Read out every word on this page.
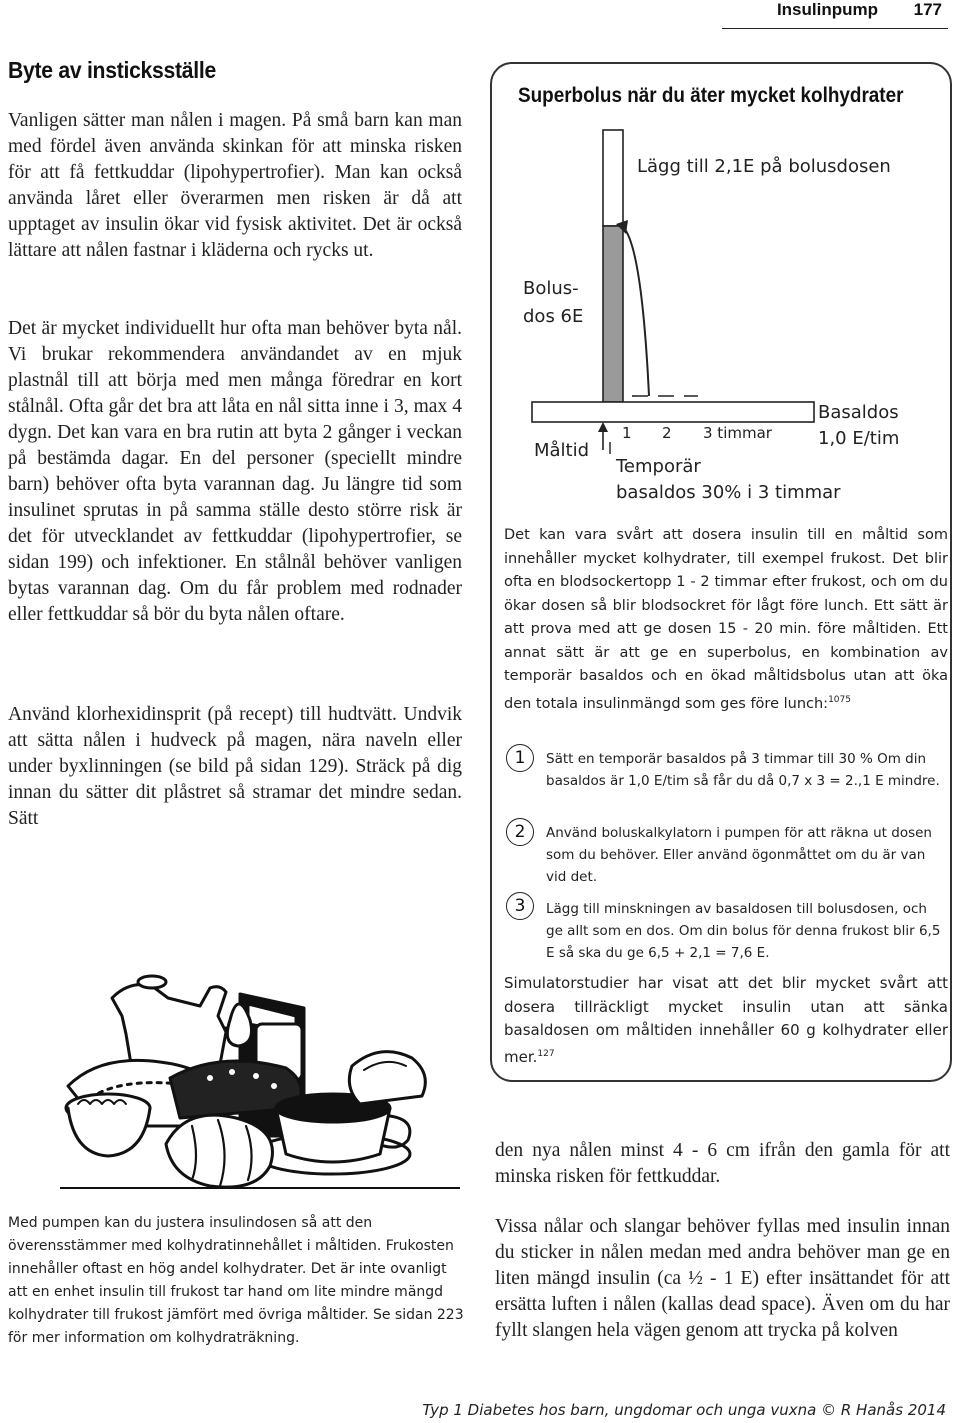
Insulinpump 177
Byte av insticksställe

Vanligen sätter man nålen i magen. På små barn kan man med fördel även använda skinkan för att minska risken för att få fettkuddar (lipohypertrofier). Man kan också använda låret eller överarmen men risken är då att upptaget av insulin ökar vid fysisk aktivitet. Det är också lättare att nålen fastnar i kläderna och rycks ut.

Det är mycket individuellt hur ofta man behöver byta nål. Vi brukar rekommendera användandet av en mjuk plastnål till att börja med men många föredrar en kort stålnål. Ofta går det bra att låta en nål sitta inne i 3, max 4 dygn. Det kan vara en bra rutin att byta 2 gånger i veckan på bestämda dagar. En del personer (speciellt mindre barn) behöver ofta byta varannan dag. Ju längre tid som insulinet sprutas in på samma ställe desto större risk är det för utvecklandet av fettkuddar (lipohypertrofier, se sidan 199) och infektioner. En stålnål behöver vanligen bytas varannan dag. Om du får problem med rodnader eller fettkuddar så bör du byta nålen oftare.

Använd klorhexidinsprit (på recept) till hudtvätt. Undvik att sätta nålen i hudveck på magen, nära naveln eller under byxlinningen (se bild på sidan 129). Sträck på dig innan du sätter dit plåstret så stramar det mindre sedan. Sätt

Med pumpen kan du justera insulindosen så att den överensstämmer med kolhydratinnehållet i måltiden. Frukosten innehåller oftast en hög andel kolhydrater. Det är inte ovanligt att en enhet insulin till frukost tar hand om lite mindre mängd kolhydrater till frukost jämfört med övriga måltider. Se sidan 223 för mer information om kolhydraträkning.
Superbolus när du äter mycket kolhydrater
Lägg till 2,1E på bolusdosen
Bolus-
dos 6E
Måltid
Basaldos
1,0 E/tim
1 2 3 timmar
Temporär
basaldos 30% i 3 timmar
Det kan vara svårt att dosera insulin till en måltid som innehåller mycket kolhydrater, till exempel frukost. Det blir ofta en blodsockertopp 1 - 2 timmar efter frukost, och om du ökar dosen så blir blodsockret för lågt före lunch. Ett sätt är att prova med att ge dosen 15 - 20 min. före måltiden. Ett annat sätt är att ge en superbolus, en kombination av temporär basaldos och en ökad måltidsbolus utan att öka den totala insulinmängd som ges före lunch:$^{1075}$
1	Sätt en temporär basaldos på 3 timmar till 30 % Om din basaldos är 1,0 E/tim så får du då 0,7 x 3 = 2.,1 E mindre.
2	Använd boluskalkylatorn i pumpen för att räkna ut dosen som du behöver. Eller använd ögonmåttet om du är van vid det.
3	Lägg till minskningen av basaldosen till bolusdosen, och ge allt som en dos. Om din bolus för denna frukost blir 6,5 E så ska du ge 6,5 + 2,1 = 7,6 E.
Simulatorstudier har visat att det blir mycket svårt att dosera tillräckligt mycket insulin utan att sänka basaldosen om måltiden innehåller 60 g kolhydrater eller mer.$^{127}$

den nya nålen minst 4 - 6 cm ifrån den gamla för att minska risken för fettkuddar.

Vissa nålar och slangar behöver fyllas med insulin innan du sticker in nålen medan med andra behöver man ge en liten mängd insulin (ca ½ - 1 E) efter insättandet för att ersätta luften i nålen (kallas dead space). Även om du har fyllt slangen hela vägen genom att trycka på kolven

Typ 1 Diabetes hos barn, ungdomar och unga vuxna © R Hanås 2014
